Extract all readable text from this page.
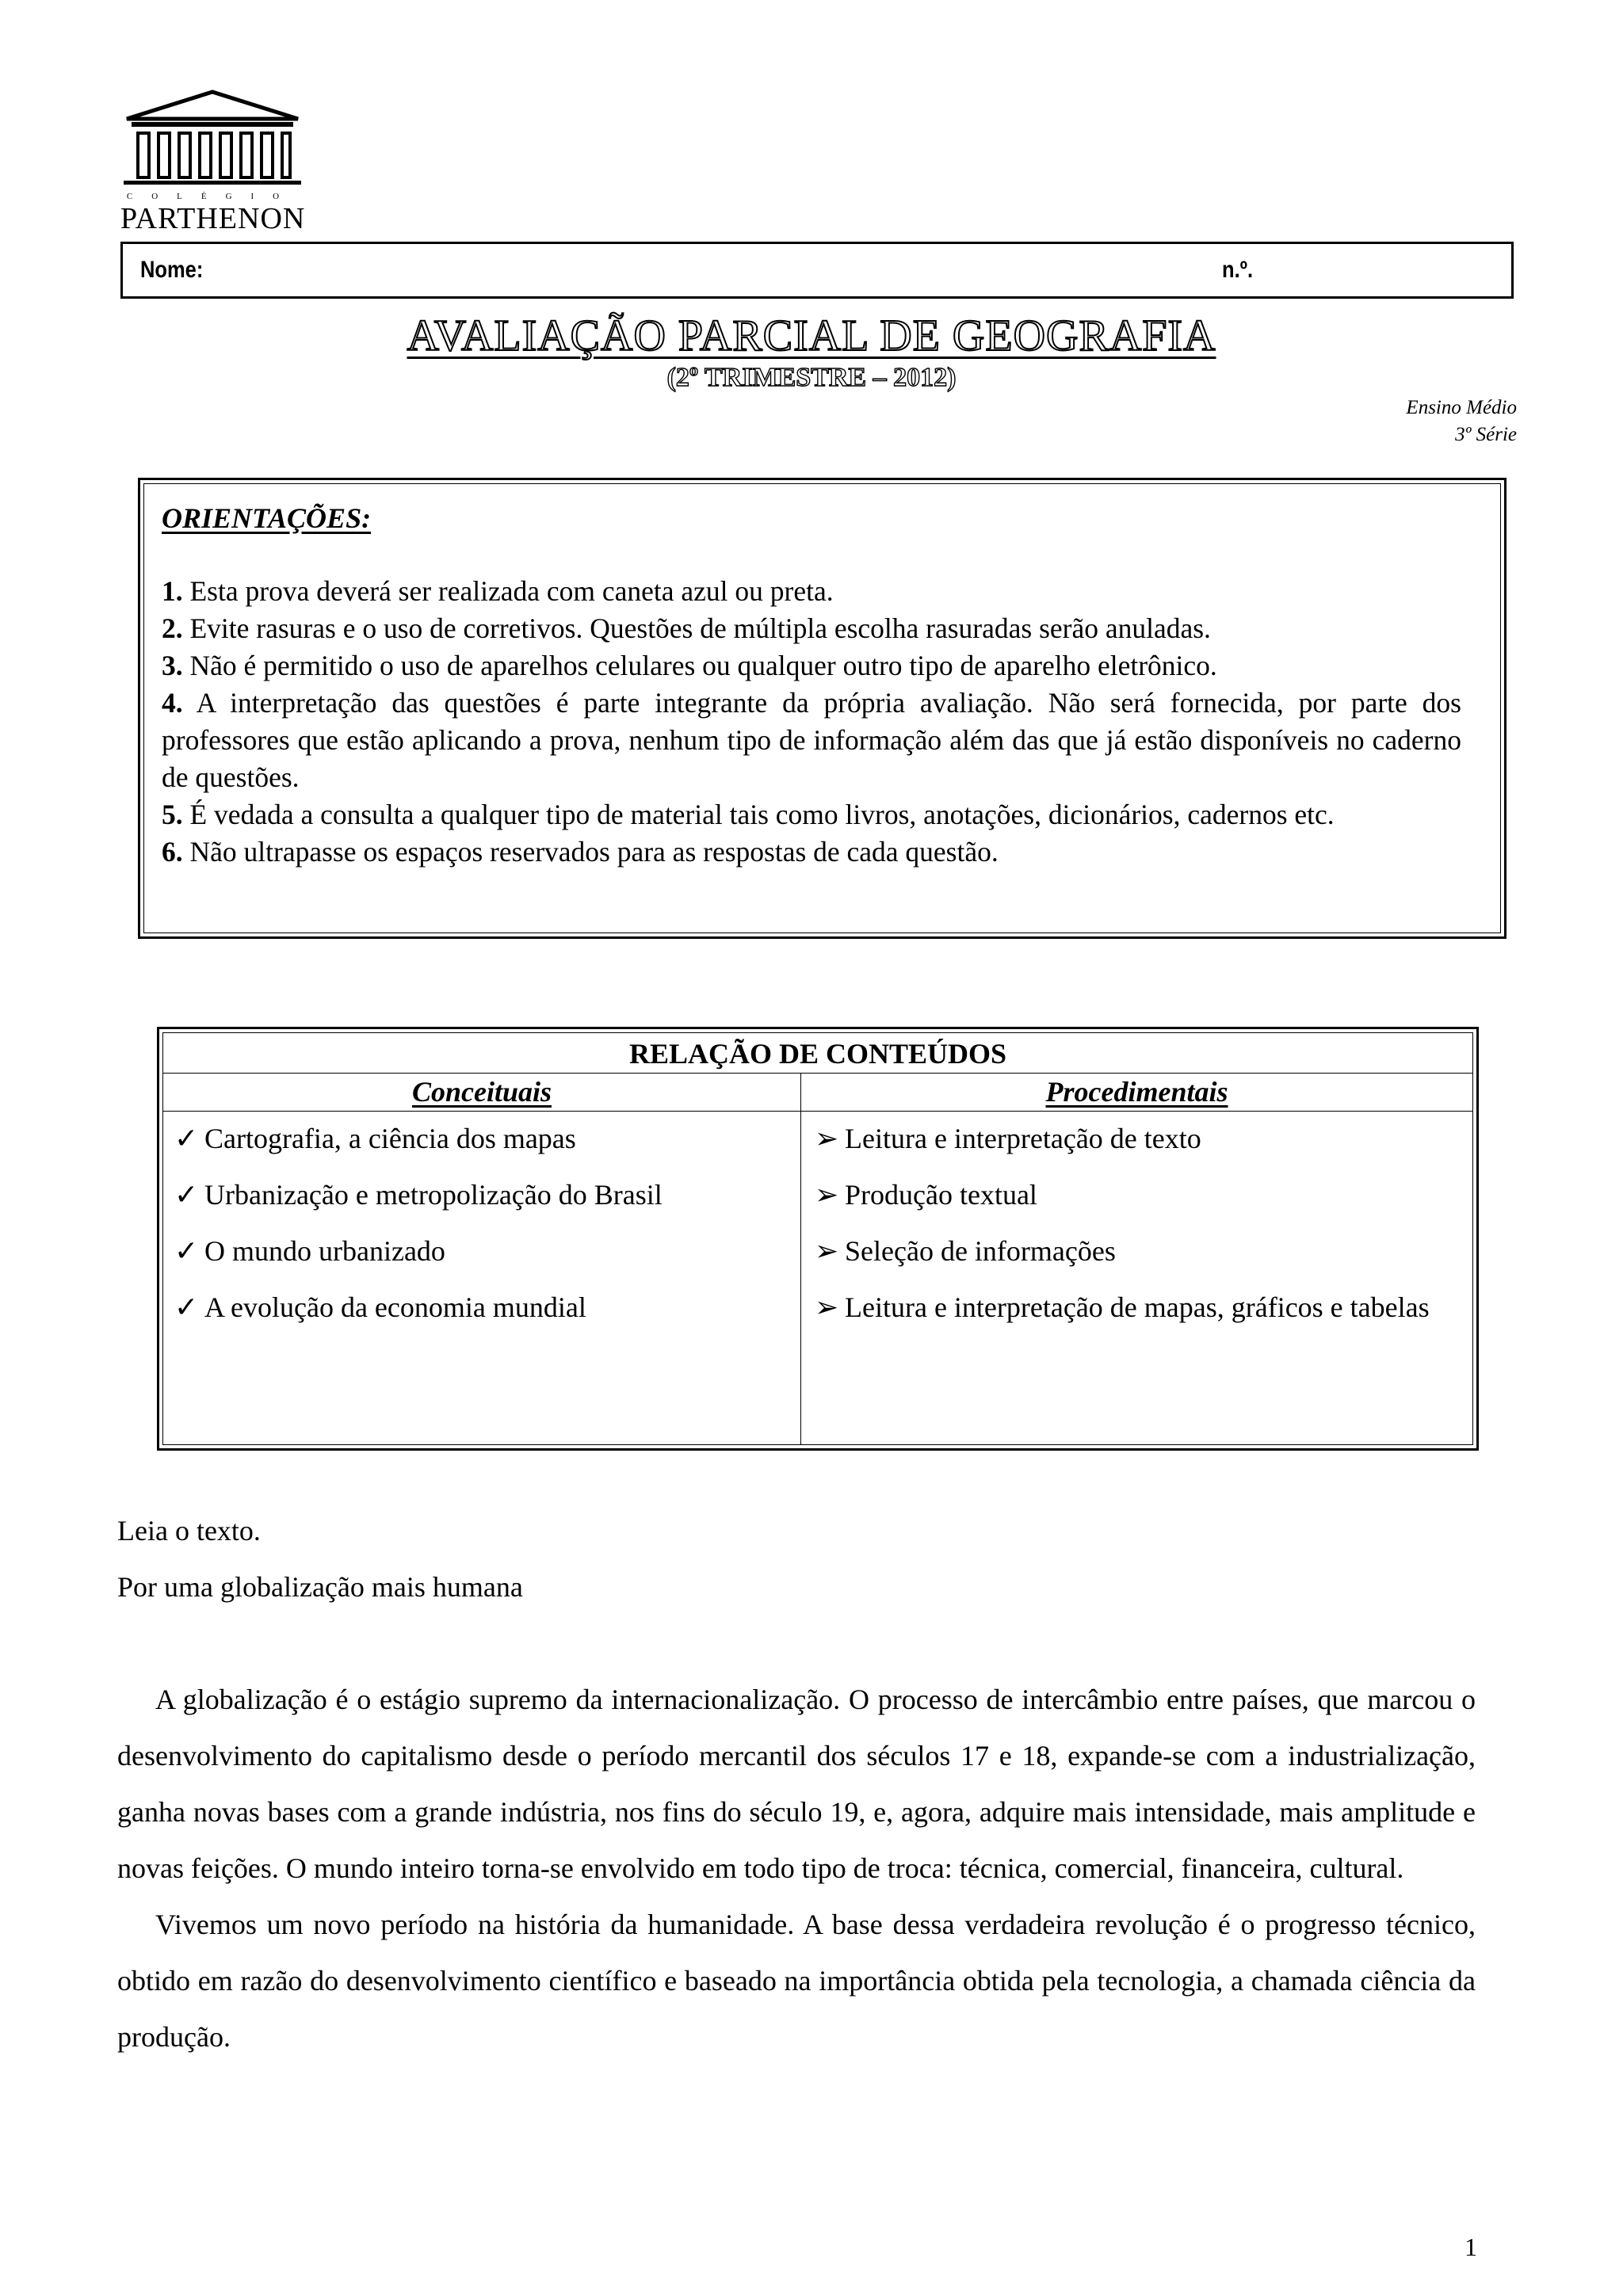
COLÉGIO
PARTHENON
Nome:	n.º.
AVALIAÇÃO PARCIAL DE GEOGRAFIA
(2º TRIMESTRE – 2012)
Ensino Médio
3º Série
ORIENTAÇÕES:

1. Esta prova deverá ser realizada com caneta azul ou preta.

2. Evite rasuras e o uso de corretivos. Questões de múltipla escolha rasuradas serão anuladas.

3. Não é permitido o uso de aparelhos celulares ou qualquer outro tipo de aparelho eletrônico.

4. A interpretação das questões é parte integrante da própria avaliação. Não será fornecida, por parte dos professores que estão aplicando a prova, nenhum tipo de informação além das que já estão disponíveis no caderno de questões.

5. É vedada a consulta a qualquer tipo de material tais como livros, anotações, dicionários, cadernos etc.

6. Não ultrapasse os espaços reservados para as respostas de cada questão.

RELAÇÃO DE CONTEÚDOS
Conceituais	Procedimentais
✓ Cartografia, a ciência dos mapas
✓ Urbanização e metropolização do Brasil
✓ O mundo urbanizado
✓ A evolução da economia mundial
➢ Leitura e interpretação de texto
➢ Produção textual
➢ Seleção de informações
➢ Leitura e interpretação de mapas, gráficos e tabelas

Leia o texto.

Por uma globalização mais humana

A globalização é o estágio supremo da internacionalização. O processo de intercâmbio entre países, que marcou o desenvolvimento do capitalismo desde o período mercantil dos séculos 17 e 18, expande-se com a industrialização, ganha novas bases com a grande indústria, nos fins do século 19, e, agora, adquire mais intensidade, mais amplitude e novas feições. O mundo inteiro torna-se envolvido em todo tipo de troca: técnica, comercial, financeira, cultural.

Vivemos um novo período na história da humanidade. A base dessa verdadeira revolução é o progresso técnico, obtido em razão do desenvolvimento científico e baseado na importância obtida pela tecnologia, a chamada ciência da produção.

1
